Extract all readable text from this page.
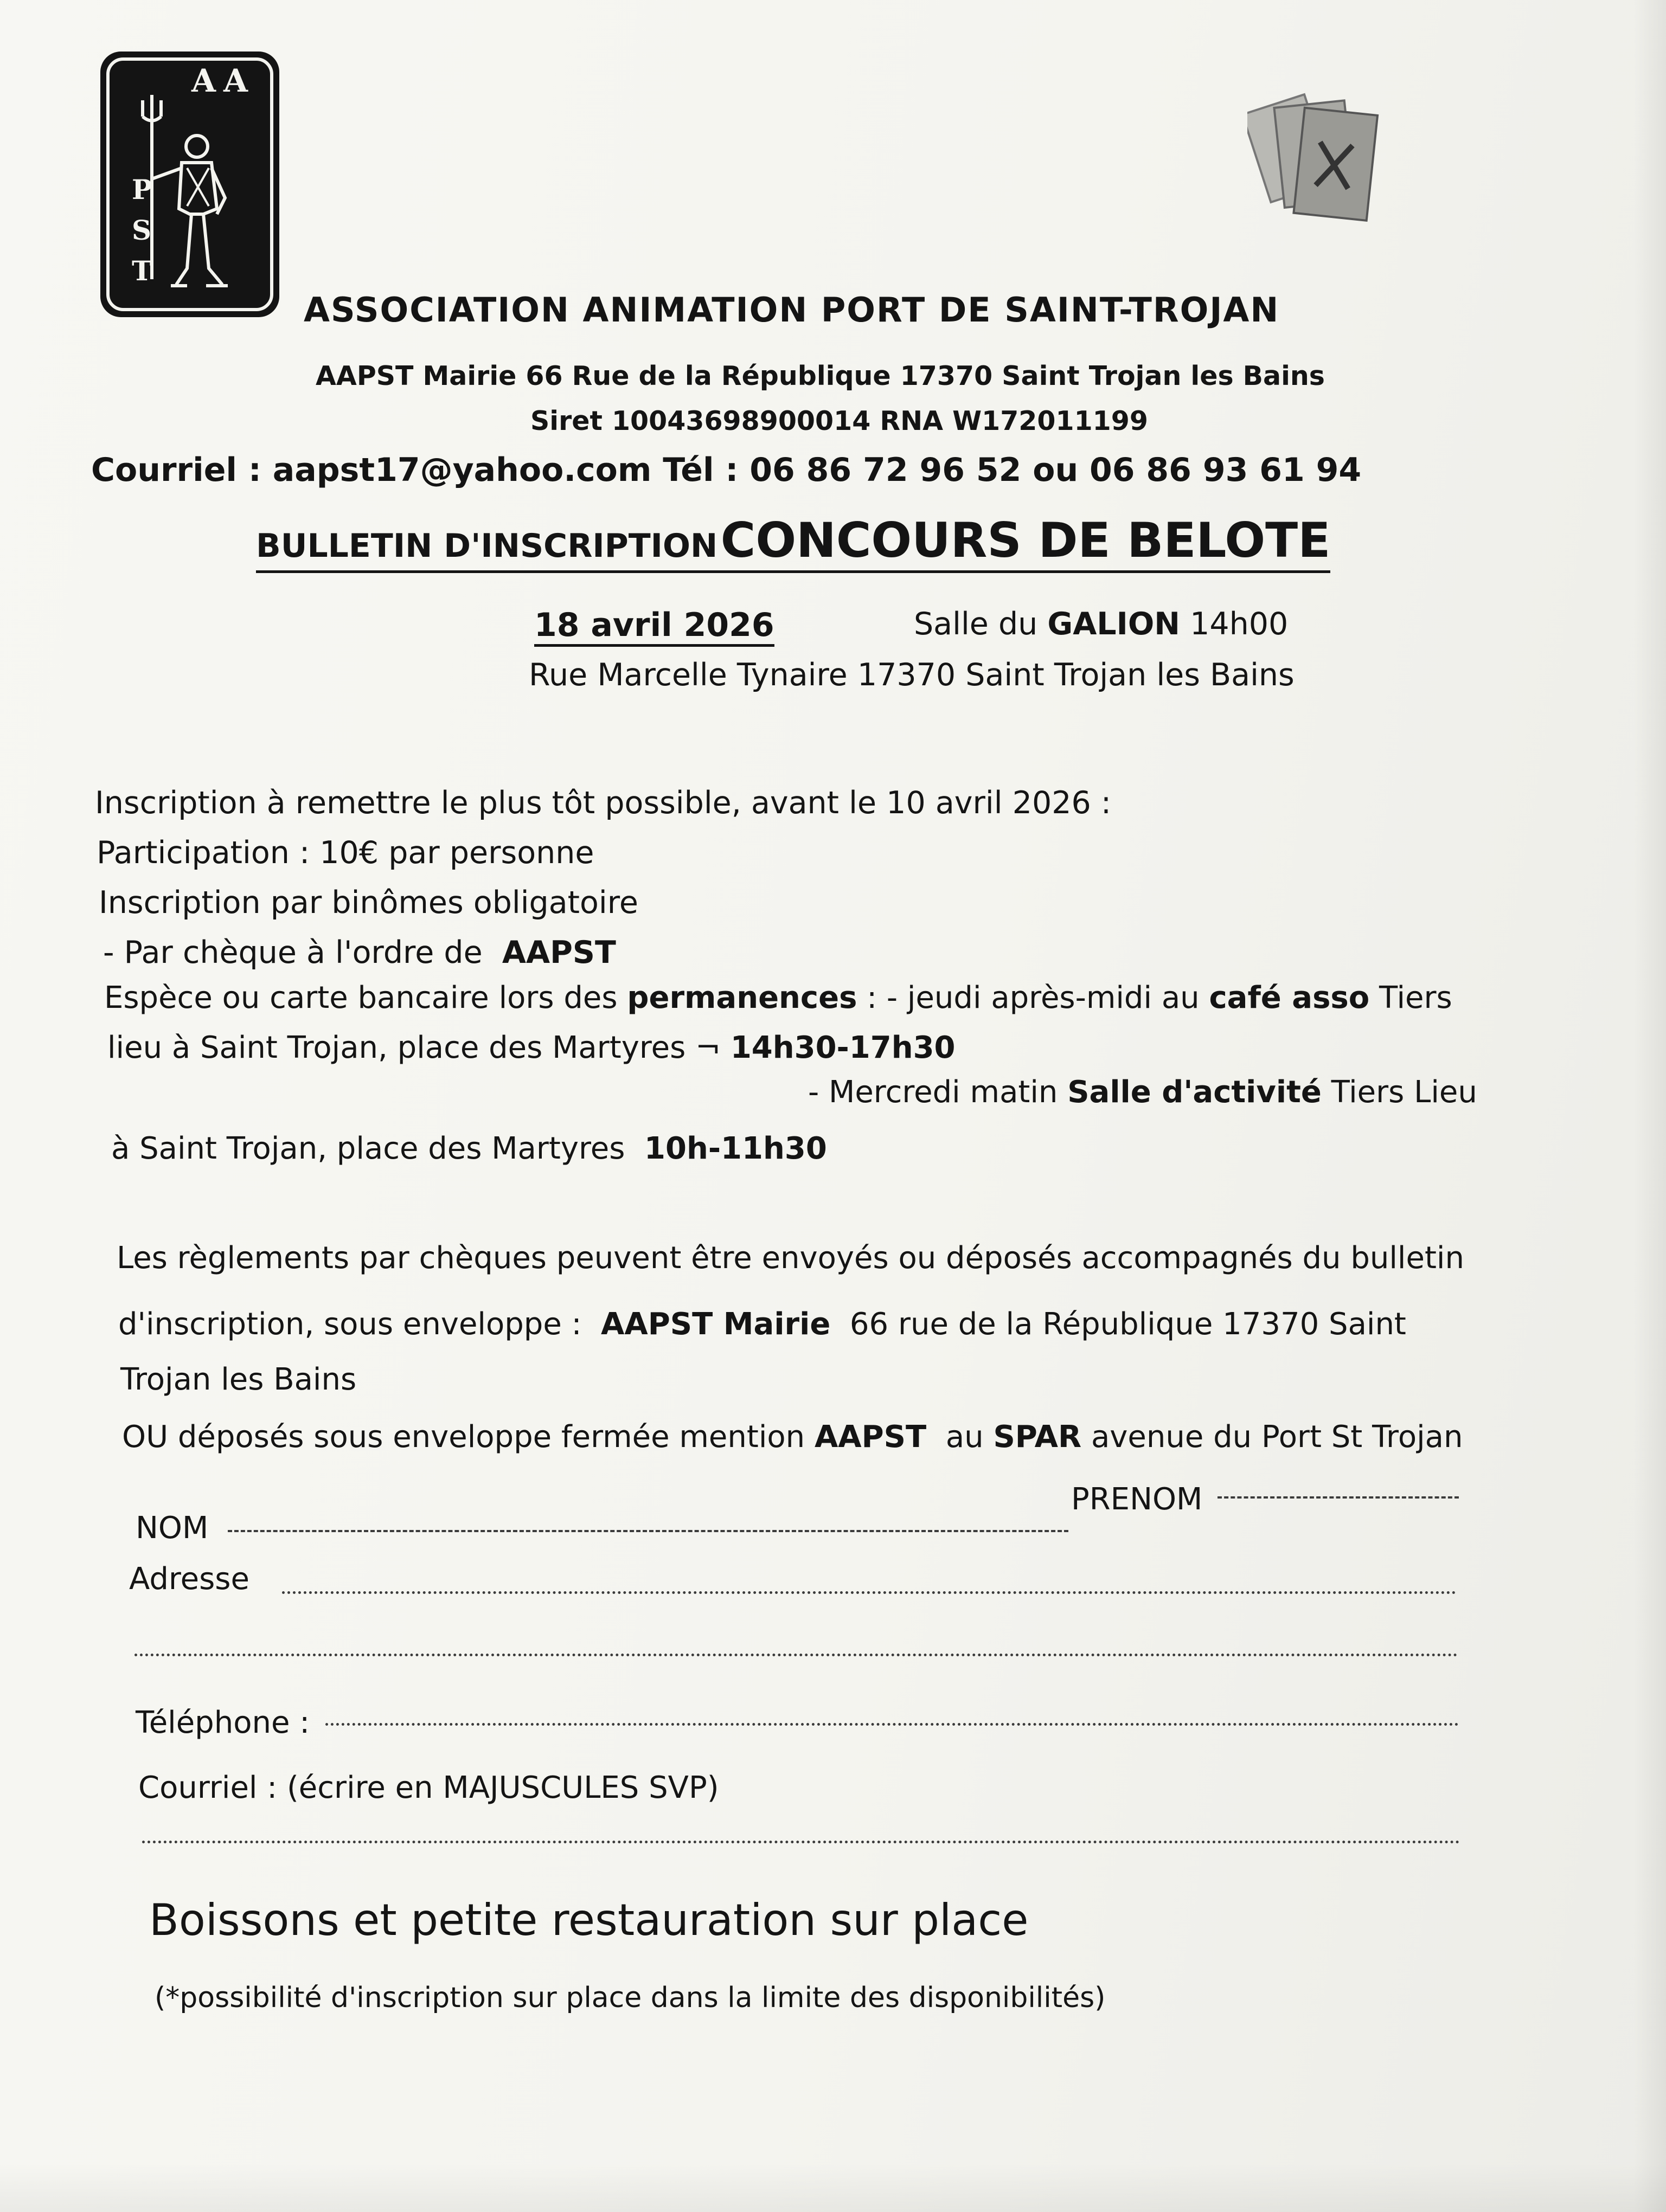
AA
P
S
T
ASSOCIATION ANIMATION PORT DE SAINT-TROJAN
AAPST Mairie 66 Rue de la République 17370 Saint Trojan les Bains
Siret 10043698900014 RNA W172011199
Courriel : aapst17@yahoo.com Tél : 06 86 72 96 52 ou 06 86 93 61 94
BULLETIN D'INSCRIPTION CONCOURS DE BELOTE
18 avril 2026	Salle du GALION 14h00
Rue Marcelle Tynaire 17370 Saint Trojan les Bains
Inscription à remettre le plus tôt possible, avant le 10 avril 2026 :
Participation : 10€ par personne
Inscription par binômes obligatoire
- Par chèque à l'ordre de AAPST
Espèce ou carte bancaire lors des permanences : - jeudi après-midi au café asso Tiers
lieu à Saint Trojan, place des Martyres ¬ 14h30-17h30
- Mercredi matin Salle d'activité Tiers Lieu
à Saint Trojan, place des Martyres 10h-11h30
Les règlements par chèques peuvent être envoyés ou déposés accompagnés du bulletin
d'inscription, sous enveloppe : AAPST Mairie 66 rue de la République 17370 Saint
Trojan les Bains
OU déposés sous enveloppe fermée mention AAPST au SPAR avenue du Port St Trojan
NOM
PRENOM
Adresse
Téléphone :
Courriel : (écrire en MAJUSCULES SVP)
Boissons et petite restauration sur place
(*possibilité d'inscription sur place dans la limite des disponibilités)
